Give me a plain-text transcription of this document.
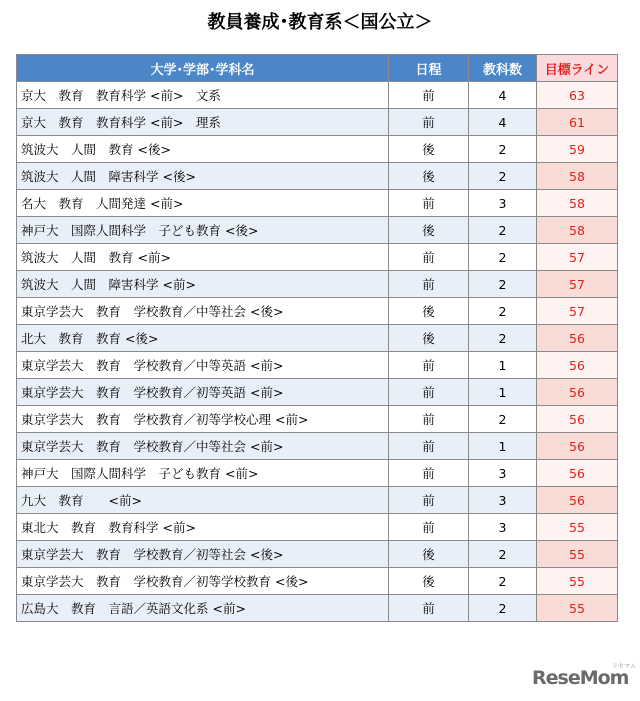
教員養成･教育系＜国公立＞
大学･学部･学科名	日程	教科数	目標ライン
京大　教育　教育科学 <前>　文系	前	4	63
京大　教育　教育科学 <前>　理系	前	4	61
筑波大　人間　教育 <後>	後	2	59
筑波大　人間　障害科学 <後>	後	2	58
名大　教育　人間発達 <前>	前	3	58
神戸大　国際人間科学　子ども教育 <後>	後	2	58
筑波大　人間　教育 <前>	前	2	57
筑波大　人間　障害科学 <前>	前	2	57
東京学芸大　教育　学校教育／中等社会 <後>	後	2	57
北大　教育　教育 <後>	後	2	56
東京学芸大　教育　学校教育／中等英語 <前>	前	1	56
東京学芸大　教育　学校教育／初等英語 <前>	前	1	56
東京学芸大　教育　学校教育／初等学校心理 <前>	前	2	56
東京学芸大　教育　学校教育／中等社会 <前>	前	1	56
神戸大　国際人間科学　子ども教育 <前>	前	3	56
九大　教育　　<前>	前	3	56
東北大　教育　教育科学 <前>	前	3	55
東京学芸大　教育　学校教育／初等社会 <後>	後	2	55
東京学芸大　教育　学校教育／初等学校教育 <後>	後	2	55
広島大　教育　言語／英語文化系 <前>	前	2	55
ReseMom
リセマム
